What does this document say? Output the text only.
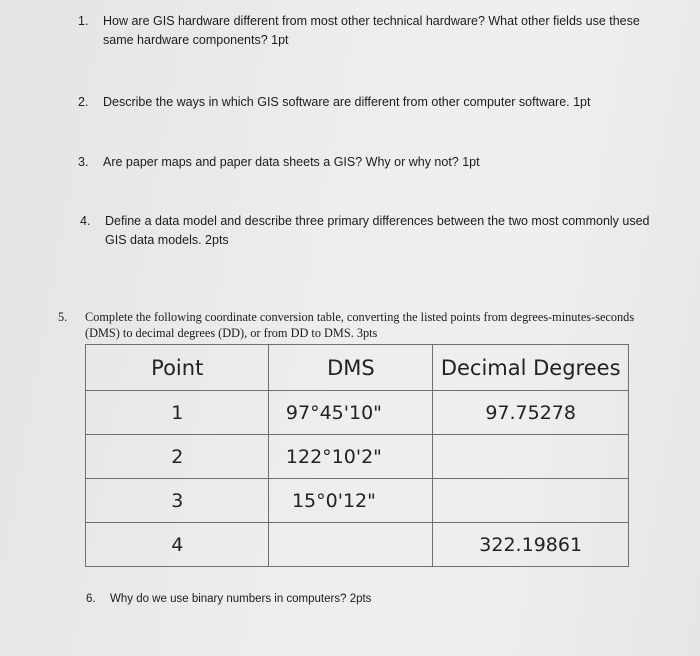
1. How are GIS hardware different from most other technical hardware? What other fields use these same hardware components? 1pt
2. Describe the ways in which GIS software are different from other computer software. 1pt
3. Are paper maps and paper data sheets a GIS? Why or why not? 1pt
4. Define a data model and describe three primary differences between the two most commonly used GIS data models. 2pts
5. Complete the following coordinate conversion table, converting the listed points from degrees-minutes-seconds (DMS) to decimal degrees (DD), or from DD to DMS. 3pts
Point	DMS	Decimal Degrees
1	97°45'10"	97.75278
2	122°10'2"	
3	15°0'12"	
4		322.19861
6. Why do we use binary numbers in computers? 2pts
